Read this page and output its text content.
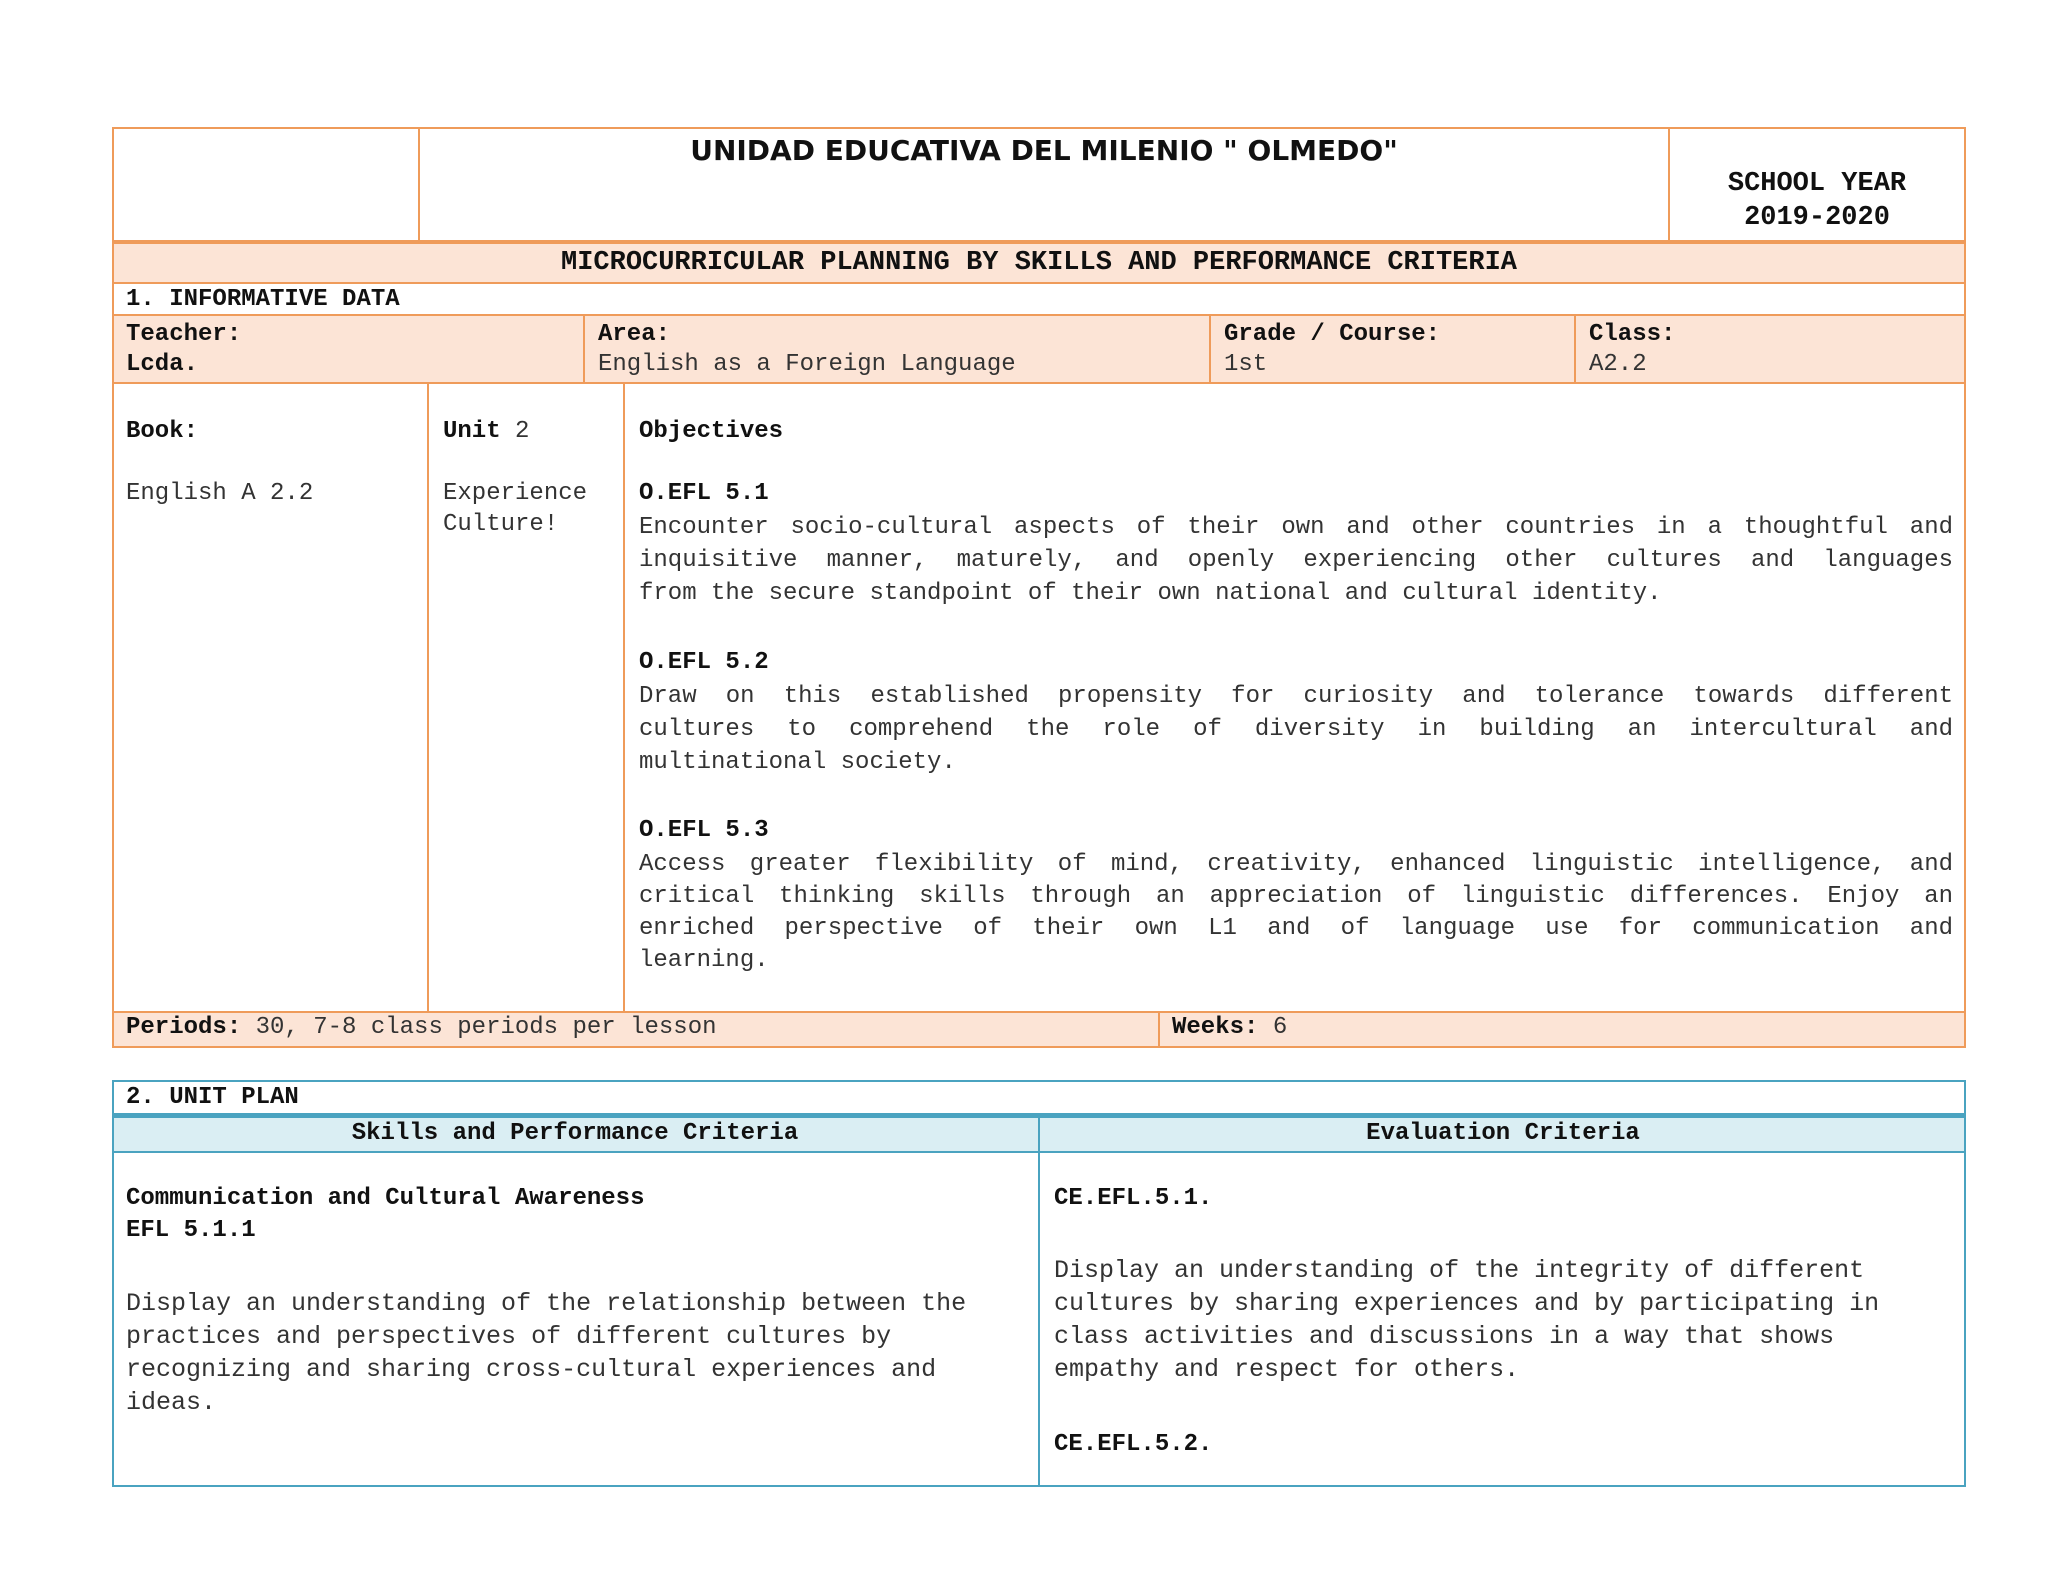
UNIDAD EDUCATIVA DEL MILENIO " OLMEDO"
SCHOOL YEAR
2019-2020
MICROCURRICULAR PLANNING BY SKILLS AND PERFORMANCE CRITERIA
1. INFORMATIVE DATA
Teacher:
Lcda.
Area:
English as a Foreign Language
Grade / Course:
1st
Class:
A2.2
Book:
English A 2.2
Unit 2
Experience
Culture!
Objectives
O.EFL 5.1
Encounter socio-cultural aspects of their own and other countries in a thoughtful and
inquisitive manner, maturely, and openly experiencing other cultures and languages
from the secure standpoint of their own national and cultural identity.
O.EFL 5.2
Draw on this established propensity for curiosity and tolerance towards different
cultures to comprehend the role of diversity in building an intercultural and
multinational society.
O.EFL 5.3
Access greater flexibility of mind, creativity, enhanced linguistic intelligence, and
critical thinking skills through an appreciation of linguistic differences. Enjoy an
enriched perspective of their own L1 and of language use for communication and
learning.
Periods: 30, 7-8 class periods per lesson	Weeks: 6
2. UNIT PLAN
Skills and Performance Criteria	Evaluation Criteria
Communication and Cultural Awareness
EFL 5.1.1
Display an understanding of the relationship between the
practices and perspectives of different cultures by
recognizing and sharing cross-cultural experiences and
ideas.
CE.EFL.5.1.
Display an understanding of the integrity of different
cultures by sharing experiences and by participating in
class activities and discussions in a way that shows
empathy and respect for others.
CE.EFL.5.2.
